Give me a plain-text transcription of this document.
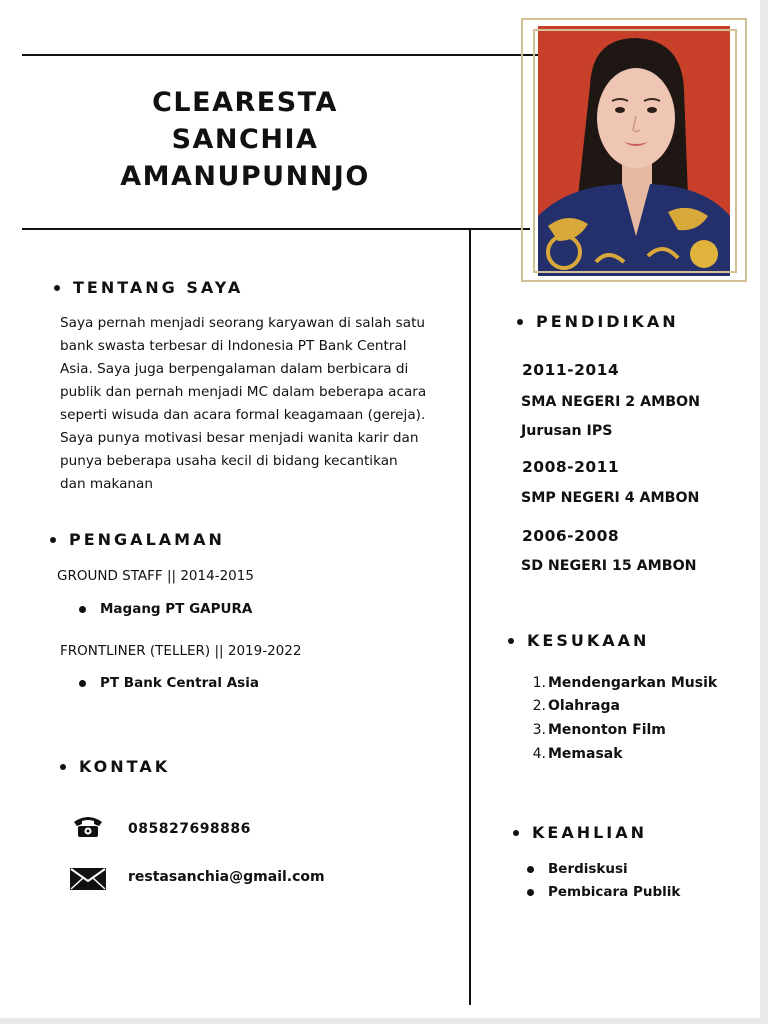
CLEARESTA
SANCHIA
AMANUPUNNJO
TENTANG SAYA
Saya pernah menjadi seorang karyawan di salah satu
bank swasta terbesar di Indonesia PT Bank Central
Asia. Saya juga berpengalaman dalam berbicara di
publik dan pernah menjadi MC dalam beberapa acara
seperti wisuda dan acara formal keagamaan (gereja).
Saya punya motivasi besar menjadi wanita karir dan
punya beberapa usaha kecil di bidang kecantikan
dan makanan
PENGALAMAN
GROUND STAFF || 2014-2015
Magang PT GAPURA
FRONTLINER (TELLER) || 2019-2022
PT Bank Central Asia
KONTAK
085827698886
restasanchia@gmail.com
PENDIDIKAN
2011-2014
SMA NEGERI 2 AMBON
Jurusan IPS
2008-2011
SMP NEGERI 4 AMBON
2006-2008
SD NEGERI 15 AMBON
KESUKAAN
1. Mendengarkan Musik
2. Olahraga
3. Menonton Film
4. Memasak
KEAHLIAN
Berdiskusi
Pembicara Publik
